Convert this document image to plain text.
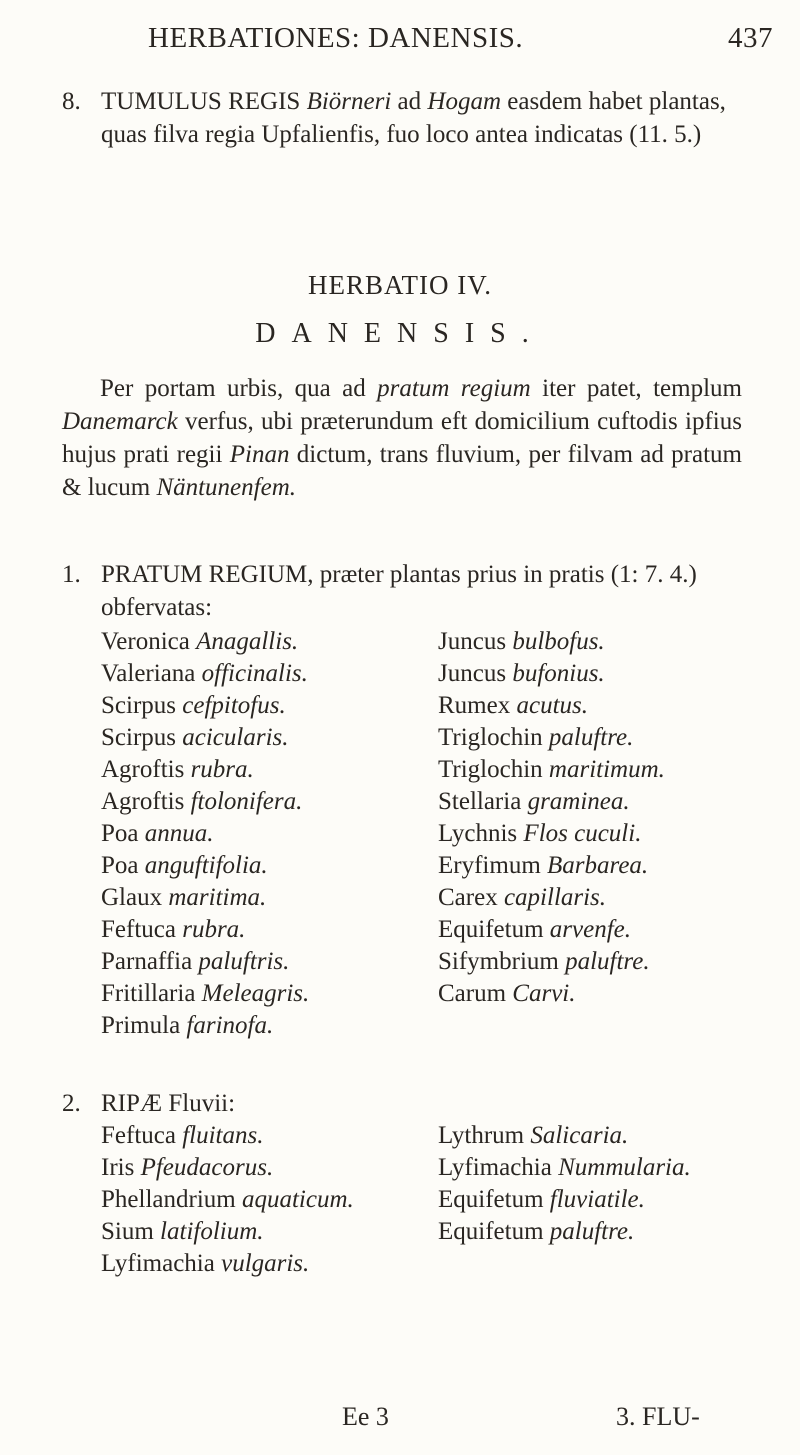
HERBATIONES: DANENSIS.	437
8. TUMULUS REGIS Biörneri ad Hogam easdem habet plantas, quas filva regia Upfalienfis, fuo loco antea indicatas (11. 5.)
HERBATIO IV.
DANENSIS.
Per portam urbis, qua ad pratum regium iter patet, templum Danemarck verfus, ubi præterundum eft domicilium cuftodis ipfius hujus prati regii Pinan dictum, trans fluvium, per filvam ad pratum & lucum Näntunenfem.
1. PRATUM REGIUM, præter plantas prius in pratis (1: 7. 4.) obfervatas:
Veronica Anagallis.
Valeriana officinalis.
Scirpus cefpitofus.
Scirpus acicularis.
Agroftis rubra.
Agroftis ftolonifera.
Poa annua.
Poa anguftifolia.
Glaux maritima.
Feftuca rubra.
Parnaffia paluftris.
Fritillaria Meleagris.
Primula farinofa.
Juncus bulbofus.
Juncus bufonius.
Rumex acutus.
Triglochin paluftre.
Triglochin maritimum.
Stellaria graminea.
Lychnis Flos cuculi.
Eryfimum Barbarea.
Carex capillaris.
Equifetum arvenfe.
Sifymbrium paluftre.
Carum Carvi.
2. RIPÆ Fluvii:
Feftuca fluitans.
Iris Pfeudacorus.
Phellandrium aquaticum.
Sium latifolium.
Lyfimachia vulgaris.
Lythrum Salicaria.
Lyfimachia Nummularia.
Equifetum fluviatile.
Equifetum paluftre.
Ee 3	3. FLU-
